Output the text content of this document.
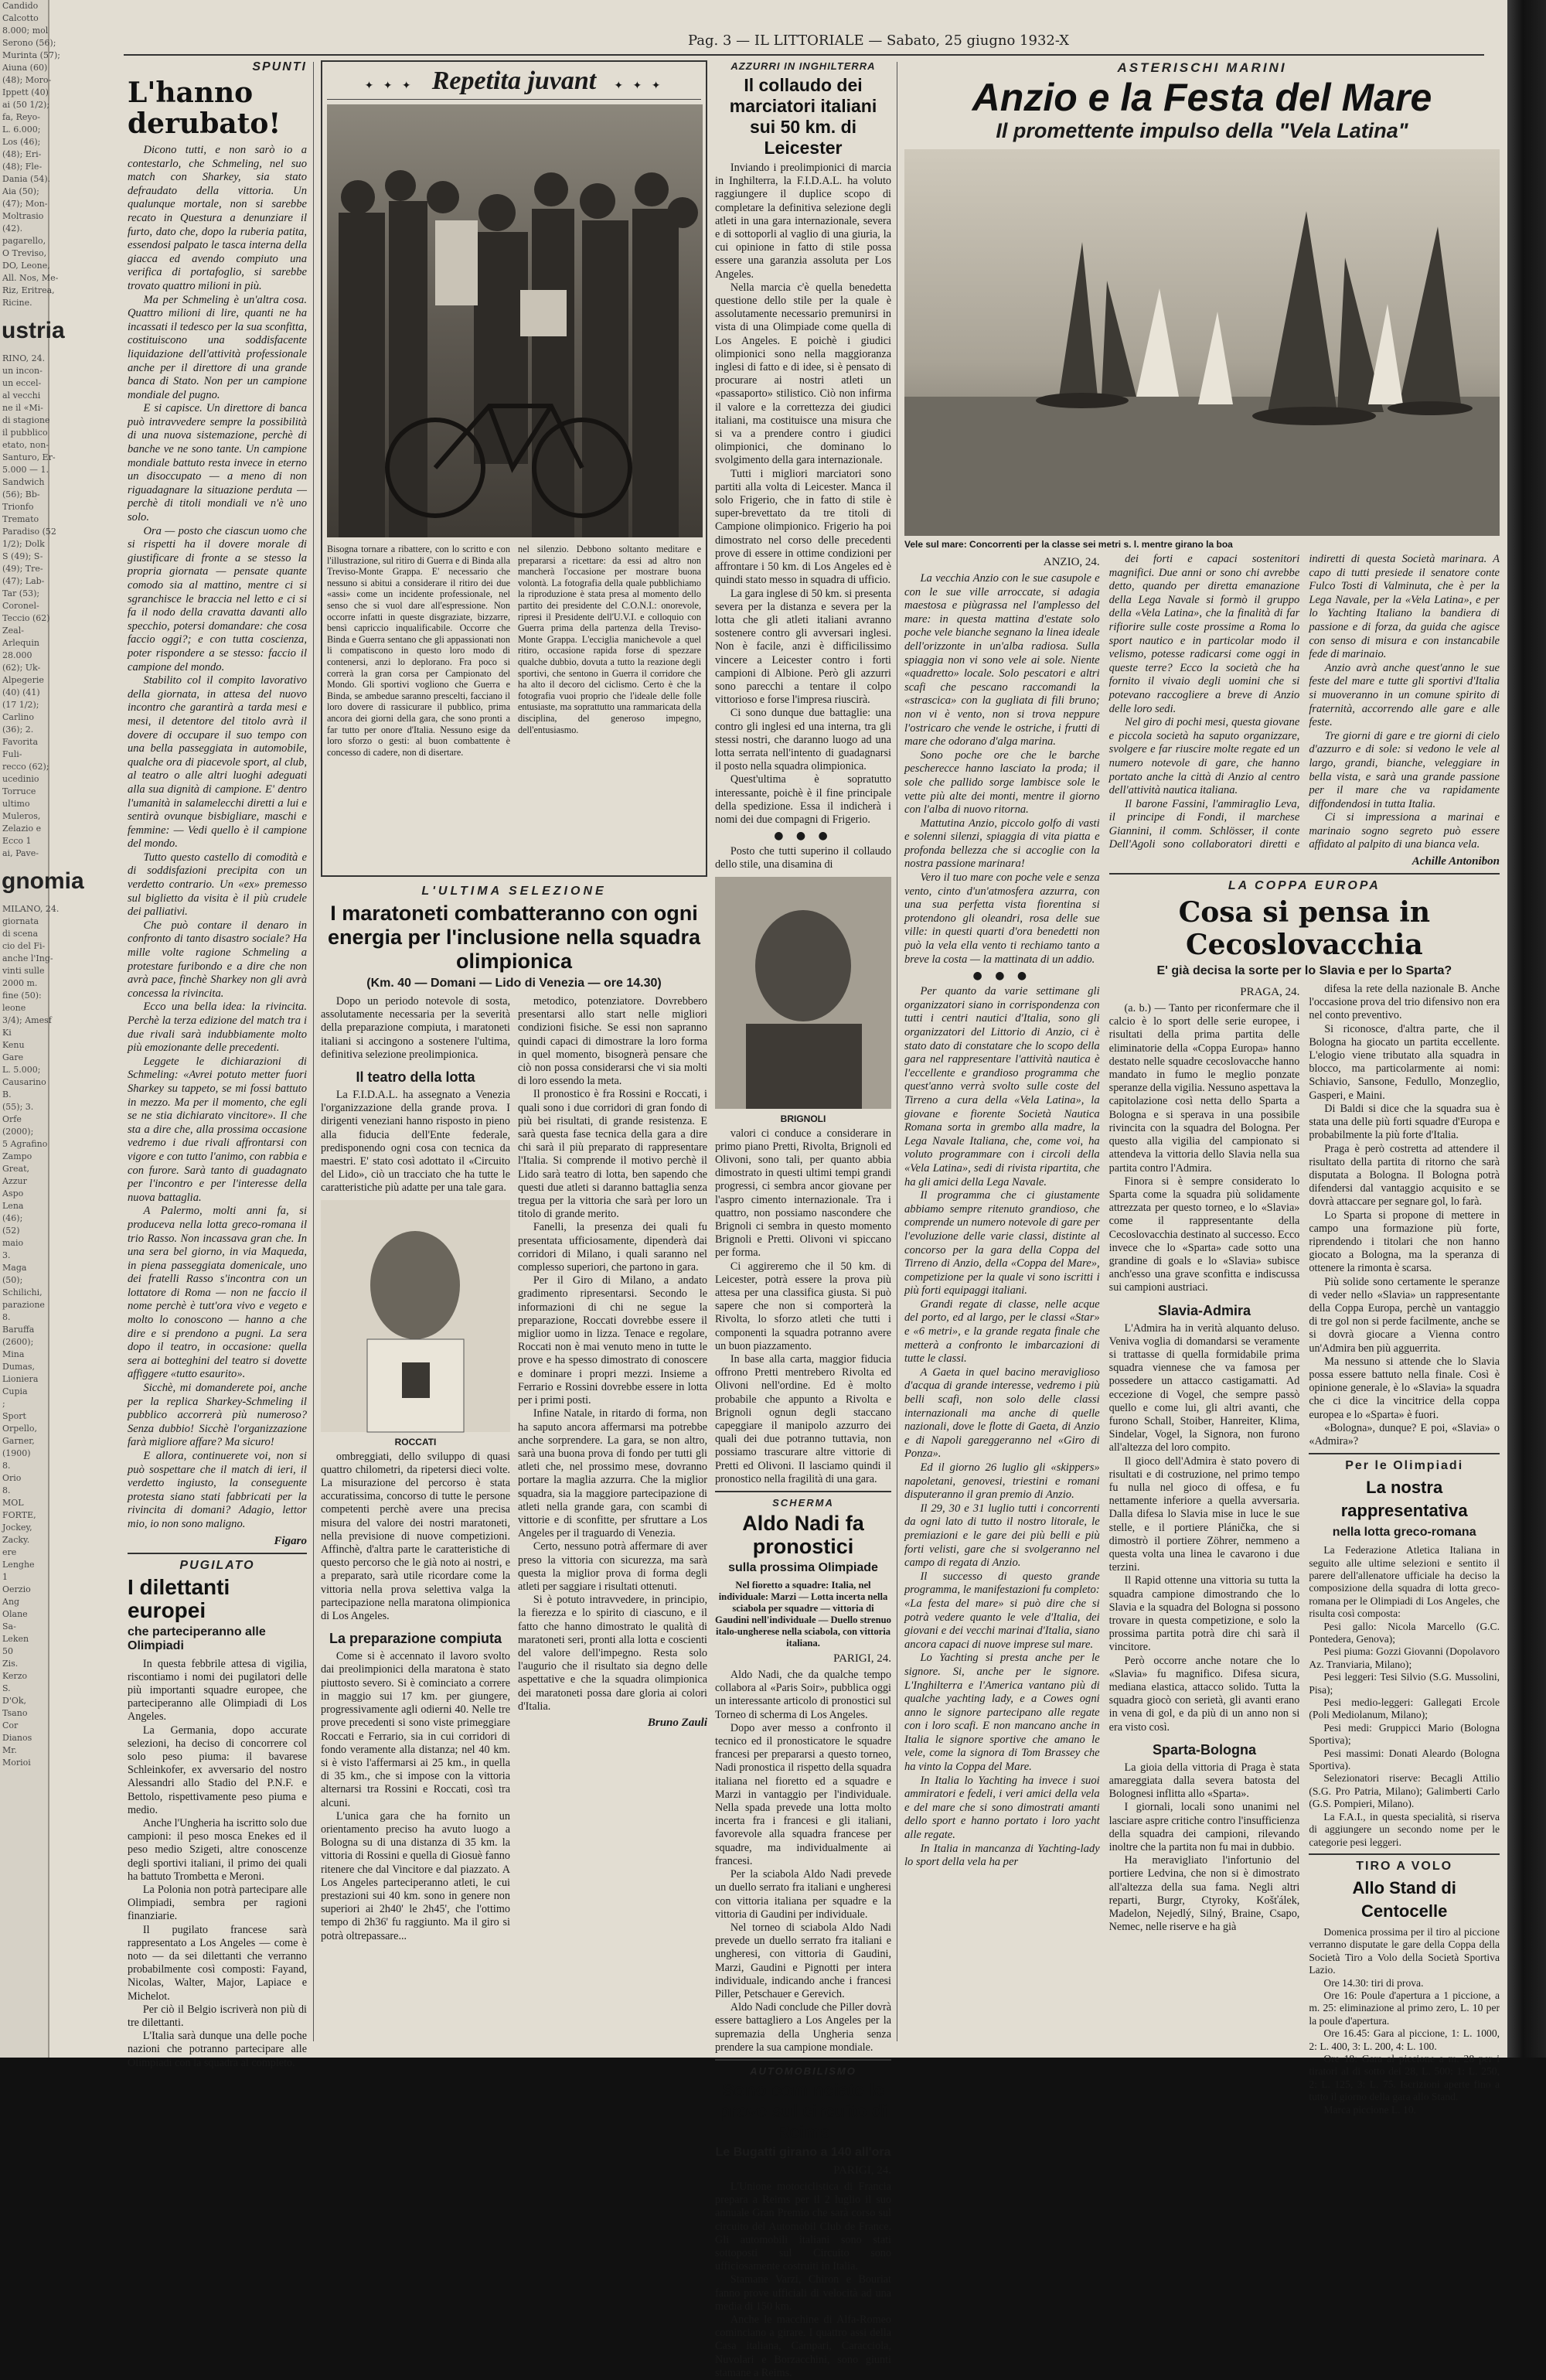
Candido
Calcotto
8.000; mol
Serono (56);
Murinta (57);
Aiuna (60)
(48); Moro-
Ippett (40)
ai (50 1/2);
fa, Reyo-
L. 6.000;
Los (46);
(48); Eri-
(48); Fle-
Dania (54).
Aia (50);
(47); Mon-
Moltrasio
(42).
pagarello,
O Treviso,
DO, Leone,
All. Nos, Me-
Riz, Eritrea,
Ricine.
ustria
RINO, 24.
un incon-
un eccel-
al vecchi
ne il «Mi-
di stagione
il pubblico
etato, non-
Santuro, Er-
5.000 — 1.
Sandwich
(56); Bb-
Trionfo
Tremato
Paradiso (52
1/2); Dolk
S (49); S-
(49); Tre-
(47); Lab-
Tar (53);
Coronel-
Teccio (62)
Zeal-
Arlequin
28.000
(62); Uk-
Alpegerie
(40) (41)
(17 1/2);
Carlino
(36); 2.
Favorita
Fuli-
recco (62);
ucedinio
Torruce
ultimo
Muleros,
Zelazio e
Ecco 1
ai, Pave-
gnomia
MILANO, 24.
giornata
di scena
cio del Fi-
anche l'Ing-
vinti sulle
2000 m.
fine (50):
leone
3/4); Amesf
Ki
Kenu
Gare
L. 5.000;
Causarino
B.
(55); 3.
Orfe
(2000);
5 Agrafino
Zampo
Great,
Azzur
Aspo
Lena
(46);
(52)
maio
3.
Maga
(50);
Schilichi,
parazione
8.
Baruffa
(2600);
Mina
Dumas,
Lioniera
Cupia
;
Sport
Orpello,
Garner,
(1900)
8.
Orio
8.
MOL
FORTE,
Jockey,
Zacky.
ere
Lenghe
1
Oerzio
Ang
Olane
Sa-
Leken
50
Zis.
Kerzo
S.
D'Ok,
Tsano
Cor
Dianos
Mr.
Morioi
Pag. 3 — IL LITTORIALE — Sabato, 25 giugno 1932-X
SPUNTI
L'hanno derubato!

Dicono tutti, e non sarò io a contestarlo, che Schmeling, nel suo match con Sharkey, sia stato defraudato della vittoria. Un qualunque mortale, non si sarebbe recato in Questura a denunziare il furto, dato che, dopo la ruberia patita, essendosi palpato le tasca interna della giacca ed avendo compiuto una verifica di portafoglio, si sarebbe trovato quattro milioni in più.

Ma per Schmeling è un'altra cosa. Quattro milioni di lire, quanti ne ha incassati il tedesco per la sua sconfitta, costituiscono una soddisfacente liquidazione dell'attività professionale anche per il direttore di una grande banca di Stato. Non per un campione mondiale del pugno.

E si capisce. Un direttore di banca può intravvedere sempre la possibilità di una nuova sistemazione, perchè di banche ve ne sono tante. Un campione mondiale battuto resta invece in eterno un disoccupato — a meno di non riguadagnare la situazione perduta — perchè di titoli mondiali ve n'è uno solo.

Ora — posto che ciascun uomo che si rispetti ha il dovere morale di giustificare di fronte a se stesso la propria giornata — pensate quante comodo sia al mattino, mentre ci si sgranchisce le braccia nel letto e ci si fa il nodo della cravatta davanti allo specchio, potersi domandare: che cosa faccio oggi?; e con tutta coscienza, poter rispondere a se stesso: faccio il campione del mondo.

Stabilito col il compito lavorativo della giornata, in attesa del nuovo incontro che garantirà a tarda mesi e mesi, il detentore del titolo avrà il dovere di occupare il suo tempo con una bella passeggiata in automobile, qualche ora di piacevole sport, al club, al teatro o alle altri luoghi adeguati alla sua dignità di campione. E' dentro l'umanità in salamelecchi diretti a lui e sentirà ovunque bisbigliare, maschi e femmine: — Vedi quello è il campione del mondo.

Tutto questo castello di comodità e di soddisfazioni precipita con un verdetto contrario. Un «ex» premesso sul biglietto da visita è il più crudele dei palliativi.

Che può contare il denaro in confronto di tanto disastro sociale? Ha mille volte ragione Schmeling a protestare furibondo e a dire che non avrà pace, finchè Sharkey non gli avrà concessa la rivincita.

Ecco una bella idea: la rivincita. Perchè la terza edizione del match tra i due rivali sarà indubbiamente molto più emozionante delle precedenti.

Leggete le dichiarazioni di Schmeling: «Avrei potuto metter fuori Sharkey su tappeto, se mi fossi battuto in mezzo. Ma per il momento, che egli se ne stia dichiarato vincitore». Il che sta a dire che, alla prossima occasione vedremo i due rivali affrontarsi con vigore e con tutto l'animo, con rabbia e con furore. Sarà tanto di guadagnato per l'incontro e per l'interesse della nuova battaglia.

A Palermo, molti anni fa, si produceva nella lotta greco-romana il trio Rasso. Non incassava gran che. In una sera bel giorno, in via Maqueda, in piena passeggiata domenicale, uno dei fratelli Rasso s'incontra con un lottatore di Roma — non ne faccio il nome perchè è tutt'ora vivo e vegeto e molto lo conoscono — hanno a che dire e si prendono a pugni. La sera dopo il teatro, in occasione: quella sera ai botteghini del teatro si dovette affiggere «tutto esaurito».

Sicchè, mi domanderete poi, anche per la replica Sharkey-Schmeling il pubblico accorrerà più numeroso? Senza dubbio! Sicchè l'organizzazione farà migliore affare? Ma sicuro!

E allora, continuerete voi, non si può sospettare che il match di ieri, il verdetto ingiusto, la conseguente protesta siano stati fabbricati per la rivincita di domani? Adagio, lettor mio, io non sono maligno.

Figaro
PUGILATO
I dilettanti europei
che parteciperanno alle Olimpiadi

In questa febbrile attesa di vigilia, riscontiamo i nomi dei pugilatori delle più importanti squadre europee, che parteciperanno alle Olimpiadi di Los Angeles.

La Germania, dopo accurate selezioni, ha deciso di concorrere col solo peso piuma: il bavarese Schleinkofer, ex avversario del nostro Alessandri allo Stadio del P.N.F. e Bettolo, rispettivamente peso piuma e medio.

Anche l'Ungheria ha iscritto solo due campioni: il peso mosca Enekes ed il peso medio Szigeti, altre conoscenze degli sportivi italiani, il primo dei quali ha battuto Trombetta e Meroni.

La Polonia non potrà partecipare alle Olimpiadi, sembra per ragioni finanziarie.

Il pugilato francese sarà rappresentato a Los Angeles — come è noto — da sei dilettanti che verranno probabilmente così composti: Fayand, Nicolas, Walter, Major, Lapiace e Michelot.

Per ciò il Belgio iscriverà non più di tre dilettanti.

L'Italia sarà dunque una delle poche nazioni che potranno partecipare alle Olimpiadi con la squadra al completo.

✦ ✦ ✦ Repetita juvant ✦ ✦ ✦

Bisogna tornare a ribattere, con lo scritto e con l'illustrazione, sul ritiro di Guerra e di Binda alla Treviso-Monte Grappa. E' necessario che nessuno si abitui a considerare il ritiro dei due «assi» come un incidente professionale, nel senso che si vuol dare all'espressione. Non occorre infatti in queste disgraziate, bizzarre, bensì capriccio inqualificabile. Occorre che Binda e Guerra sentano che gli appassionati non li compatiscono in questo loro modo di contenersi, anzi lo deplorano. Fra poco si correrà la gran corsa per Campionato del Mondo. Gli sportivi vogliono che Guerra e Binda, se ambedue saranno prescelti, facciano il loro dovere di rassicurare il pubblico, prima ancora dei giorni della gara, che sono pronti a far tutto per onore d'Italia. Nessuno esige da loro sforzo o gesti: al buon combattente è concesso di cadere, non di disertare.

nel silenzio. Debbono soltanto meditare e prepararsi a ricettare: da essi ad altro non mancherà l'occasione per mostrare buona volontà. La fotografia della quale pubblichiamo la riproduzione è stata presa al momento dello partito dei presidente del C.O.N.I.: onorevole, ripresi il Presidente dell'U.V.I. e colloquio con Guerra prima della partenza della Treviso-Monte Grappa. L'ecciglia manichevole a quel ritiro, occasione rapida forse di spezzare qualche dubbio, dovuta a tutto la reazione degli sportivi, che sentono in Guerra il corridore che ha alto il decoro del ciclismo. Certo è che la fotografia vuoi proprio che l'ideale delle folle entusiaste, ma soprattutto una rammaricata della disciplina, del generoso impegno, dell'entusiasmo.

L'ULTIMA SELEZIONE
I maratoneti combatteranno con ogni energia per l'inclusione nella squadra olimpionica
(Km. 40 — Domani — Lido di Venezia — ore 14.30)

Dopo un periodo notevole di sosta, assolutamente necessaria per la severità della preparazione compiuta, i maratoneti italiani si accingono a sostenere l'ultima, definitiva selezione preolimpionica.

Il teatro della lotta

La F.I.D.A.L. ha assegnato a Venezia l'organizzazione della grande prova. I dirigenti veneziani hanno risposto in pieno alla fiducia dell'Ente federale, predisponendo ogni cosa con tecnica da maestri. E' stato così adottato il «Circuito del Lido», ciò un tracciato che ha tutte le caratteristiche più adatte per una tale gara.

ROCCATI

ombreggiati, dello sviluppo di quasi quattro chilometri, da ripetersi dieci volte. La misurazione del percorso è stata accuratissima, concorso di tutte le persone competenti perchè avere una precisa misura del valore dei nostri maratoneti, nella previsione di nuove competizioni. Affinchè, d'altra parte le caratteristiche di questo percorso che le già noto ai nostri, e a preparato, sarà utile ricordare come la vittoria nella prova selettiva valga la partecipazione nella maratona olimpionica di Los Angeles.

La preparazione compiuta

Come si è accennato il lavoro svolto dai preolimpionici della maratona è stato piuttosto severo. Si è cominciato a correre in maggio sui 17 km. per giungere, progressivamente agli odierni 40. Nelle tre prove precedenti si sono viste primeggiare Roccati e Ferrario, sia in cui corridori di fondo veramente alla distanza; nel 40 km. si è visto l'affermarsi ai 25 km., in quella di 35 km., che si impose con la vittoria alternarsi tra Rossini e Roccati, così tra alcuni.

L'unica gara che ha fornito un orientamento preciso ha avuto luogo a Bologna su di una distanza di 35 km. la vittoria di Rossini e quella di Giosuè fanno ritenere che dal Vincitore e dal piazzato. A Los Angeles parteciperanno atleti, le cui prestazioni sui 40 km. sono in genere non superiori ai 2h40' le 2h45', che l'ottimo tempo di 2h36' fu raggiunto. Ma il giro si potrà oltrepassare...

metodico, potenziatore. Dovrebbero presentarsi allo start nelle migliori condizioni fisiche. Se essi non sapranno quindi capaci di dimostrare la loro forma in quel momento, bisognerà pensare che ciò non possa considerarsi che vi sia molti di loro essendo la meta.

Il pronostico è fra Rossini e Roccati, i quali sono i due corridori di gran fondo di più bei risultati, di grande resistenza. E sarà questa fase tecnica della gara a dire chi sarà il più preparato di rappresentare l'Italia. Si comprende il motivo perchè il Lido sarà teatro di lotta, ben sapendo che questi due atleti si daranno battaglia senza tregua per la vittoria che sarà per loro un titolo di grande merito.

Fanelli, la presenza dei quali fu presentata ufficiosamente, dipenderà dai corridori di Milano, i quali saranno nel complesso superiori, che partono in gara.

Per il Giro di Milano, a andato gradimento ripresentarsi. Secondo le informazioni di chi ne segue la preparazione, Roccati dovrebbe essere il miglior uomo in lizza. Tenace e regolare, Roccati non è mai venuto meno in tutte le prove e ha spesso dimostrato di conoscere e dominare i propri mezzi. Insieme a Ferrario e Rossini dovrebbe essere in lotta per i primi posti.

Infine Natale, in ritardo di forma, non ha saputo ancora affermarsi ma potrebbe anche sorprendere. La gara, se non altro, sarà una buona prova di fondo per tutti gli atleti che, nel prossimo mese, dovranno portare la maglia azzurra. Che la miglior squadra, sia la maggiore partecipazione di atleti nella grande gara, con scambi di vittorie e di sconfitte, per sfruttare a Los Angeles per il traguardo di Venezia.

Certo, nessuno potrà affermare di aver preso la vittoria con sicurezza, ma sarà questa la miglior prova di forma degli atleti per saggiare i risultati ottenuti.

Si è potuto intravvedere, in principio, la fierezza e lo spirito di ciascuno, e il fatto che hanno dimostrato le qualità di maratoneti seri, pronti alla lotta e coscienti del valore dell'impegno. Resta solo l'augurio che il risultato sia degno delle aspettative e che la squadra olimpionica dei maratoneti possa dare gloria ai colori d'Italia.

Bruno Zauli
AZZURRI IN INGHILTERRA
Il collaudo dei marciatori italiani sui 50 km. di Leicester

Inviando i preolimpionici di marcia in Inghilterra, la F.I.D.A.L. ha voluto raggiungere il duplice scopo di completare la definitiva selezione degli atleti in una gara internazionale, severa e di sottoporli al vaglio di una giuria, la cui opinione in fatto di stile possa essere una garanzia assoluta per Los Angeles.

Nella marcia c'è quella benedetta questione dello stile per la quale è assolutamente necessario premunirsi in vista di una Olimpiade come quella di Los Angeles. E poichè i giudici olimpionici sono nella maggioranza inglesi di fatto e di idee, si è pensato di procurare ai nostri atleti un «passaporto» stilistico. Ciò non infirma il valore e la correttezza dei giudici italiani, ma costituisce una misura che si va a prendere contro i giudici olimpionici, che dominano lo svolgimento della gara internazionale.

Tutti i migliori marciatori sono partiti alla volta di Leicester. Manca il solo Frigerio, che in fatto di stile è super-brevettato da tre titoli di Campione olimpionico. Frigerio ha poi dimostrato nel corso delle precedenti prove di essere in ottime condizioni per affrontare i 50 km. di Los Angeles ed è quindi stato messo in squadra di ufficio.

La gara inglese di 50 km. si presenta severa per la distanza e severa per la lotta che gli atleti italiani avranno sostenere contro gli avversari inglesi. Non è facile, anzi è difficilissimo vincere a Leicester contro i forti campioni di Albione. Però gli azzurri sono parecchi a tentare il colpo vittorioso e forse l'impresa riuscirà.

Ci sono dunque due battaglie: una contro gli inglesi ed una interna, tra gli stessi nostri, che daranno luogo ad una lotta serrata nell'intento di guadagnarsi il posto nella squadra olimpionica.

Quest'ultima è sopratutto interessante, poichè è il fine principale della spedizione. Essa il indicherà i nomi dei due compagni di Frigerio.

● ● ●

Posto che tutti superino il collaudo dello stile, una disamina di

BRIGNOLI

valori ci conduce a considerare in primo piano Pretti, Rivolta, Brignoli ed Olivoni, sono tali, per quanto abbia dimostrato in questi ultimi tempi grandi progressi, ci sembra ancor giovane per l'aspro cimento internazionale. Tra i quattro, non possiamo nascondere che Brignoli ci sembra in questo momento Brignoli e Pretti. Olivoni vi spiccano per forma.

Ci aggireremo che il 50 km. di Leicester, potrà essere la prova più attesa per una classifica giusta. Si può sapere che non si comporterà la Rivolta, lo sforzo atleti che tutti i componenti la squadra potranno avere un buon piazzamento.

In base alla carta, maggior fiducia offrono Pretti mentrebero Rivolta ed Olivoni nell'ordine. Ed è molto probabile che appunto a Rivolta e Brignoli ognun degli staccano capeggiare il manipolo azzurro dei quali dei due potranno tuttavia, non possiamo trascurare altre vittorie di Pretti ed Olivoni. Il lasciamo quindi il pronostico nella fragilità di una gara.

SCHERMA
Aldo Nadi fa pronostici
sulla prossima Olimpiade

Nel fioretto a squadre: Italia, nel individuale: Marzi — Lotta incerta nella sciabola per squadre — vittoria di Gaudini nell'individuale — Duello strenuo italo-ungherese nella sciabola, con vittoria italiana.

PARIGI, 24.

Aldo Nadi, che da qualche tempo collabora al «Paris Soir», pubblica oggi un interessante articolo di pronostici sul Torneo di scherma di Los Angeles.

Dopo aver messo a confronto il tecnico ed il pronosticatore le squadre francesi per prepararsi a questo torneo, Nadi pronostica il rispetto della squadra italiana nel fioretto ed a squadre e Marzi in vantaggio per l'individuale. Nella spada prevede una lotta molto incerta fra i francesi e gli italiani, favorevole alla squadra francese per squadre, ma individualmente ai francesi.

Per la sciabola Aldo Nadi prevede un duello serrato fra italiani e ungheresi con vittoria italiana per squadre e la vittoria di Gaudini per individuale.

Nel torneo di sciabola Aldo Nadi prevede un duello serrato fra italiani e ungheresi, con vittoria di Gaudini, Marzi, Gaudini e Pignotti per intera individuale, indicando anche i francesi Piller, Petschauer e Gerevich.

Aldo Nadi conclude che Piller dovrà essere battagliero a Los Angeles per la supremazia della Ungheria senza prendere la sua campione mondiale.

AUTOMOBILISMO
Sono cominciate le prove sul circuito di Reims
Le Bugatti girano a 140 all'ora
PARIGI, 24.

L'Unione motociclistica di Francia prepara a Reims per il 2 luglio il suo annuale Gran Premio che sarà corso sul circuito del Automobil Club de France. Gli automobili italiani sono stati sottoposti sul Circuito sono ufficiosamente costruiti in Italia.

Stamane Varzi, Chiron e Bouriat fanno prove ufficiali di velocità ad una media di 150 km.

Anche le macchine di Alfa-Romeo cominciano a girare. I quattro assi della Casa italiana, Campari, Caracciola, Nuvolari e Borzacchini, sono giunti stamane a Reims.

ASTERISCHI MARINI
Anzio e la Festa del Mare
Il promettente impulso della "Vela Latina"
Vele sul mare: Concorrenti per la classe sei metri s. l. mentre girano la boa
ANZIO, 24.

La vecchia Anzio con le sue casupole e con le sue ville arroccate, si adagia maestosa e piùgrassa nel l'amplesso del mare: in questa mattina d'estate solo poche vele bianche segnano la linea ideale dell'orizzonte in un'alba radiosa. Sulla spiaggia non vi sono vele ai sole. Niente «quadretto» locale. Solo pescatori e altri scafi che pescano raccomandi la «strascica» con la gugliata di fili bruno; non vi è vento, non si trova neppure l'ostricaro che vende le ostriche, i frutti di mare che odorano d'alga marina.

Sono poche ore che le barche pescherecce hanno lasciato la proda; il sole che pallido sorge lambisce sole le vette più alte dei monti, mentre il giorno con l'alba di nuovo ritorna.

Mattutina Anzio, piccolo golfo di vasti e solenni silenzi, spiaggia di vita piatta e profonda bellezza che si accoglie con la nostra passione marinara!

Vero il tuo mare con poche vele e senza vento, cinto d'un'atmosfera azzurra, con una sua perfetta vista fiorentina si protendono gli oleandri, rosa delle sue ville: in questi quarti d'ora benedetti non può la vela ella vento ti rechiamo tanto a breve la costa — la mattinata di un addio.

● ● ●

Per quanto da varie settimane gli organizzatori siano in corrispondenza con tutti i centri nautici d'Italia, sono gli organizzatori del Littorio di Anzio, ci è stato dato di constatare che lo scopo della gara nel rappresentare l'attività nautica è l'eccellente e grandioso programma che quest'anno verrà svolto sulle coste del Tirreno a cura della «Vela Latina», la giovane e fiorente Società Nautica Romana sorta in grembo alla madre, la Lega Navale Italiana, che, come voi, ha voluto programmare con i circoli della «Vela Latina», sedi di rivista ripartita, che ha gli amici della Lega Navale.

Il programma che ci giustamente abbiamo sempre ritenuto grandioso, che comprende un numero notevole di gare per l'evoluzione delle varie classi, distinte al concorso per la gara della Coppa del Tirreno di Anzio, della «Coppa del Mare», competizione per la quale vi sono iscritti i più forti equipaggi italiani.

Grandi regate di classe, nelle acque del porto, ed al largo, per le classi «Star» e «6 metri», e la grande regata finale che metterà a confronto le imbarcazioni di tutte le classi.

A Gaeta in quel bacino meraviglioso d'acqua di grande interesse, vedremo i più belli scafi, non solo delle classi internazionali ma anche di quelle nazionali, dove le flotte di Gaeta, di Anzio e di Napoli gareggeranno nel «Giro di Ponza».

Ed il giorno 26 luglio gli «skippers» napoletani, genovesi, triestini e romani disputeranno il gran premio di Anzio.

Il 29, 30 e 31 luglio tutti i concorrenti da ogni lato di tutto il nostro litorale, le premiazioni e le gare dei più belli e più forti velisti, gare che si svolgeranno nel campo di regata di Anzio.

Il successo di questo grande programma, le manifestazioni fu completo: «La festa del mare» si può dire che si potrà vedere quanto le vele d'Italia, dei giovani e dei vecchi marinai d'Italia, siano ancora capaci di nuove imprese sul mare.

Lo Yachting si presta anche per le signore. Si, anche per le signore. L'Inghilterra e l'America vantano più di qualche yachting lady, e a Cowes ogni anno le signore partecipano alle regate con i loro scafi. E non mancano anche in Italia le signore sportive che amano le vele, come la signora di Tom Brassey che ha vinto la Coppa del Mare.

In Italia lo Yachting ha invece i suoi ammiratori e fedeli, i veri amici della vela e del mare che si sono dimostrati amanti dello sport e hanno portato i loro yacht alle regate.

In Italia in mancanza di Yachting-lady lo sport della vela ha per

dei forti e capaci sostenitori magnifici. Due anni or sono chi avrebbe detto, quando per diretta emanazione della Lega Navale si formò il gruppo della «Vela Latina», che la finalità di far rifiorire sulle coste prossime a Roma lo sport nautico e in particolar modo il velismo, potesse radicarsi come oggi in queste terre? Ecco la società che ha fornito il vivaio degli uomini che si potevano raccogliere a breve di Anzio delle loro sedi.

Nel giro di pochi mesi, questa giovane e piccola società ha saputo organizzare, svolgere e far riuscire molte regate ed un numero notevole di gare, che hanno portato anche la città di Anzio al centro dell'attività nautica italiana.

Il barone Fassini, l'ammiraglio Leva, il principe di Fondi, il marchese Giannini, il comm. Schlösser, il conte Dell'Agoli sono collaboratori diretti e indiretti di questa Società marinara. A capo di tutti presiede il senatore conte Fulco Tosti di Valminuta, che è per la Lega Navale, per la «Vela Latina», e per lo Yachting Italiano la bandiera di passione e di forza, da guida che agisce con senso di misura e con instancabile fede di marinaio.

Anzio avrà anche quest'anno le sue feste del mare e tutte gli sportivi d'Italia si muoveranno in un comune spirito di fraternità, accorrendo alle gare e alle feste.

Tre giorni di gare e tre giorni di cielo d'azzurro e di sole: si vedono le vele al largo, grandi, bianche, veleggiare in bella vista, e sarà una grande passione per il mare che va rapidamente diffondendosi in tutta Italia.

Ci si impressiona a marinai e marinaio sogno segreto può essere affidato al palpito di una bianca vela.

Achille Antonibon
LA COPPA EUROPA
Cosa si pensa in Cecoslovacchia
E' già decisa la sorte per lo Slavia e per lo Sparta?
PRAGA, 24.

(a. b.) — Tanto per riconfermare che il calcio è lo sport delle serie europee, i risultati della prima partita delle eliminatorie della «Coppa Europa» hanno destato nelle squadre cecoslovacche hanno mandato in fumo le meglio ponzate speranze della vigilia. Nessuno aspettava la capitolazione così netta dello Sparta a Bologna e si sperava in una possibile rivincita con la squadra del Bologna. Per questo alla vigilia del campionato si attendeva la vittoria dello Slavia nella sua partita contro l'Admira.

Finora si è sempre considerato lo Sparta come la squadra più solidamente attrezzata per questo torneo, e lo «Slavia» come il rappresentante della Cecoslovacchia destinato al successo. Ecco invece che lo «Sparta» cade sotto una grandine di goals e lo «Slavia» subisce anch'esso una grave sconfitta e indiscussa sui campioni austriaci.

Slavia-Admira

L'Admira ha in verità alquanto deluso. Veniva voglia di domandarsi se veramente si trattasse di quella formidabile prima squadra viennese che va famosa per possedere un attacco castigamatti. Ad eccezione di Vogel, che sempre passò quello e come lui, gli altri avanti, che furono Schall, Stoiber, Hanreiter, Klima, Sindelar, Vogel, la Signora, non furono all'altezza del loro compito.

Il gioco dell'Admira è stato povero di risultati e di costruzione, nel primo tempo fu nulla nel gioco di offesa, e fu nettamente inferiore a quella avversaria. Dalla difesa lo Slavia mise in luce le sue stelle, e il portiere Plánička, che si dimostrò il portiere Zöhrer, nemmeno a questa volta una linea le cavarono i due terzini.

Il Rapid ottenne una vittoria su tutta la squadra campione dimostrando che lo Slavia e la squadra del Bologna si possono trovare in questa competizione, e solo la prossima partita potrà dire chi sarà il vincitore.

Però occorre anche notare che lo «Slavia» fu magnifico. Difesa sicura, mediana elastica, attacco solido. Tutta la squadra giocò con serietà, gli avanti erano in vena di gol, e da più di un anno non si era visto così.

Sparta-Bologna

La gioia della vittoria di Praga è stata amareggiata dalla severa batosta del Bolognesi inflitta allo «Sparta».

I giornali, locali sono unanimi nel lasciare aspre critiche contro l'insufficienza della squadra dei campioni, rilevando inoltre che la partita non fu mai in dubbio.

Ha meravigliato l'infortunio del portiere Ledvina, che non si è dimostrato all'altezza della sua fama. Negli altri reparti, Burgr, Ctyroky, Košťálek, Madelon, Nejedlý, Silný, Braine, Csapo, Nemec, nelle riserve e ha già

difesa la rete della nazionale B. Anche l'occasione prova del trio difensivo non era nel conto preventivo.

Si riconosce, d'altra parte, che il Bologna ha giocato un partita eccellente. L'elogio viene tributato alla squadra in blocco, ma particolarmente ai nomi: Schiavio, Sansone, Fedullo, Monzeglio, Gasperi, e Maini.

Di Baldi si dice che la squadra sua è stata una delle più forti squadre d'Europa e probabilmente la più forte d'Italia.

Praga è però costretta ad attendere il risultato della partita di ritorno che sarà disputata a Bologna. Il Bologna potrà difendersi dal vantaggio acquisito e se dovrà attaccare per segnare gol, lo farà.

Lo Sparta si propone di mettere in campo una formazione più forte, riprendendo i titolari che non hanno giocato a Bologna, ma la speranza di ottenere la rimonta è scarsa.

Più solide sono certamente le speranze di veder nello «Slavia» un rappresentante della Coppa Europa, perchè un vantaggio di tre gol non si perde facilmente, anche se si dovrà giocare a Vienna contro un'Admira ben più agguerrita.

Ma nessuno si attende che lo Slavia possa essere battuto nella finale. Così è opinione generale, è lo «Slavia» la squadra che ci dice la vincitrice della coppa europea e lo «Sparta» è fuori.

«Bologna», dunque? E poi, «Slavia» o «Admira»?

Per le Olimpiadi
La nostra rappresentativa
nella lotta greco-romana

La Federazione Atletica Italiana in seguito alle ultime selezioni e sentito il parere dell'allenatore ufficiale ha deciso la composizione della squadra di lotta greco-romana per le Olimpiadi di Los Angeles, che risulta così composta:

Pesi gallo: Nicola Marcello (G.C. Pontedera, Genova);

Pesi piuma: Gozzi Giovanni (Dopolavoro Az. Tranviaria, Milano);

Pesi leggeri: Tesi Silvio (S.G. Mussolini, Pisa);

Pesi medio-leggeri: Gallegati Ercole (Poli Mediolanum, Milano);

Pesi medi: Gruppicci Mario (Bologna Sportiva);

Pesi massimi: Donati Aleardo (Bologna Sportiva).

Selezionatori riserve: Becagli Attilio (S.G. Pro Patria, Milano); Galimberti Carlo (G.S. Pompieri, Milano).

La F.A.I., in questa specialità, si riserva di aggiungere un secondo nome per le categorie pesi leggeri.

TIRO A VOLO
Allo Stand di Centocelle

Domenica prossima per il tiro al piccione verranno disputate le gare della Coppa della Società Tiro a Volo della Società Sportiva Lazio.

Ore 14.30: tiri di prova.

Ore 16: Poule d'apertura a 1 piccione, a m. 25: eliminazione al primo zero, L. 10 per la poule d'apertura.

Ore 16.45: Gara al piccione, 1: L. 1000, 2: L. 400, 3: L. 200, 4: L. 100.

Ore 18: Gara al piccione a m. 28 per i tiratori al di sotto dei 28, L. 500: 1: L. 250, 2: L. 125, 3: L. 75. Iscrizioni aperte fino a tutto il giorno della gara allo Stand.

Marca piccione L. 10.
